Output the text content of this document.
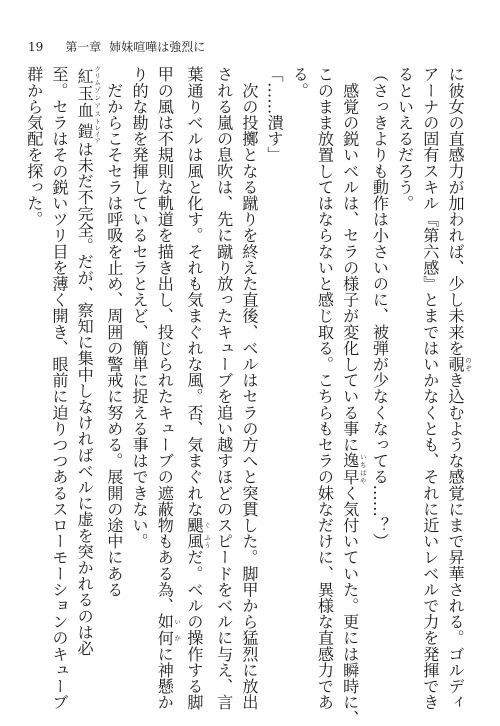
19 第一章 姉妹喧嘩は強烈に

に彼女の直感力が加われば、少し未来を覗 のぞき込むような感覚にまで昇華される。ゴルディ

アーナの固有スキル『第六感』とまではいかなくとも、それに近いレベルで力を発揮でき

るといえるだろう。

（さっきよりも動作は小さいのに、被弾が少なくなってる……？）

　感覚の鋭いベルは、セラの様子が変化している事に逸 いち早 はやく気付いていた。更には瞬時に、

このまま放置してはならないと感じ取る。こちらもセラの妹なだけに、異様な直感力であ

る。

「……潰す」

　次の投擲となる蹴りを終えた直後、ベルはセラの方へと突貫した。脚甲から猛烈に放出

される嵐の息吹は、先に蹴り放ったキューブを追い越すほどのスピードをベルに与え、言

葉通りベルは風と化す。それも気まぐれな風。否、気まぐれな颶 ぐ風 ふうだ。ベルの操作する脚

甲の風は不規則な軌道を描き出し、投じられたキューブの遮蔽物もある為、如 い何 かに神懸か

り的な勘を発揮しているセラとえど、簡単に捉える事はできない。

　だからこそセラは呼吸を止め、周囲の警戒に努める。展開の途中にある

紅 クリム玉 ゾン血 アス鎧 トレイアは未だ不完全。だが、察知に集中しなければベルに虚を突かれるのは必

至。セラはその鋭いツリ目を薄く開き、眼前に迫りつつあるスローモーションのキューブ

群から気配を探った。
